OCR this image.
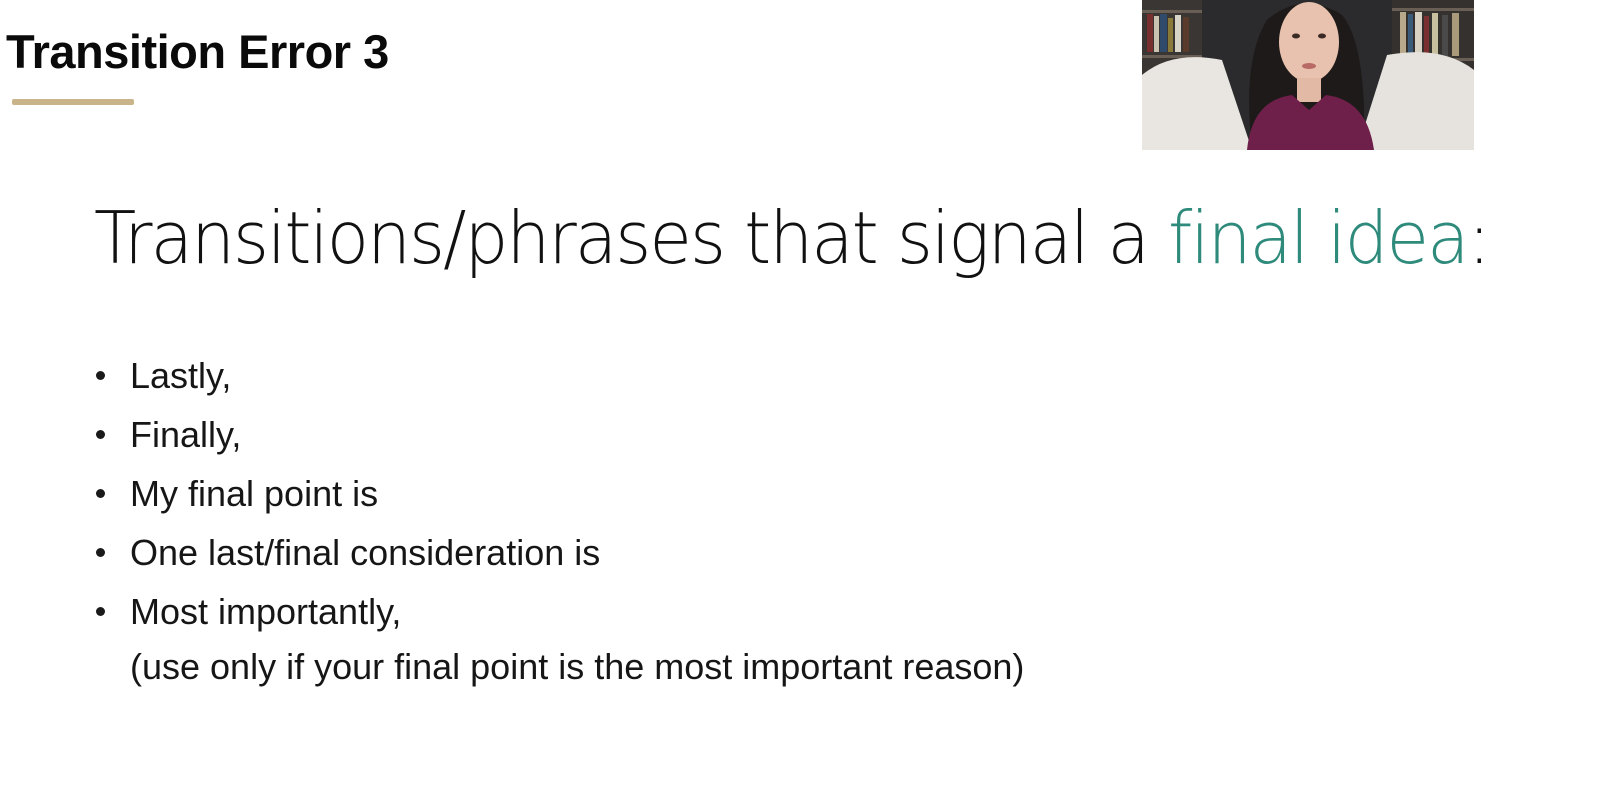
Transition Error 3
Transitions/phrases that signal a final idea:
Lastly,
Finally,
My final point is
One last/final consideration is
Most importantly,
(use only if your final point is the most important reason)
